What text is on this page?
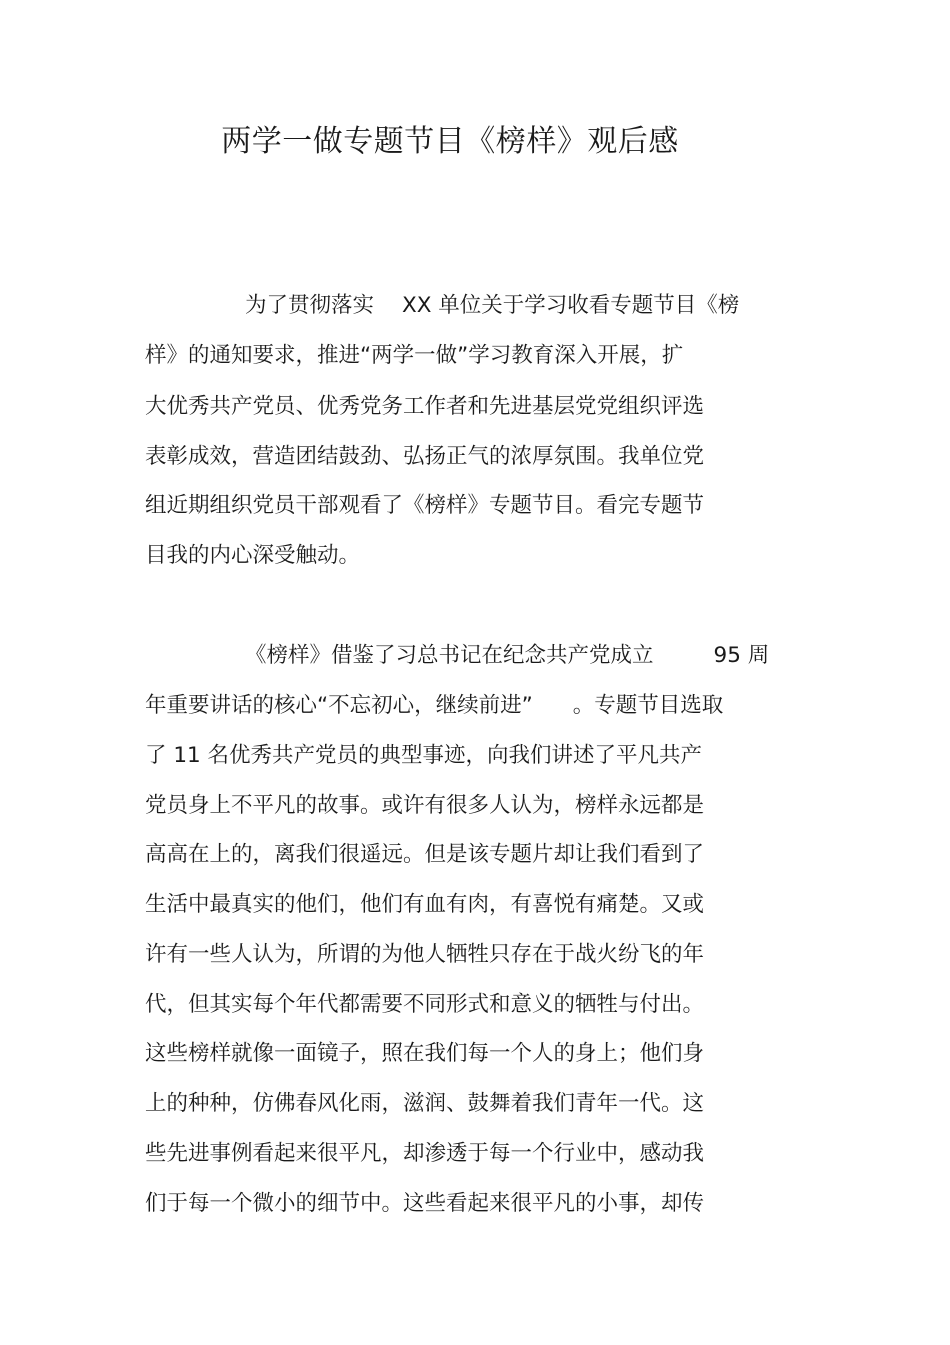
两学一做专题节目《榜样》观后感
为了贯彻落实 XX 单位关于学习收看专题节目《榜
样》的通知要求，推进“两学一做”学习教育深入开展，扩
大优秀共产党员、优秀党务工作者和先进基层党党组织评选
表彰成效，营造团结鼓劲、弘扬正气的浓厚氛围。我单位党
组近期组织党员干部观看了《榜样》专题节目。看完专题节
目我的内心深受触动。
《榜样》借鉴了习总书记在纪念共产党成立	95 周
年重要讲话的核心“不忘初心，继续前进” 。专题节目选取
了 11 名优秀共产党员的典型事迹，向我们讲述了平凡共产
党员身上不平凡的故事。或许有很多人认为，榜样永远都是
高高在上的，离我们很遥远。但是该专题片却让我们看到了
生活中最真实的他们，他们有血有肉，有喜悦有痛楚。又或
许有一些人认为，所谓的为他人牺牲只存在于战火纷飞的年
代，但其实每个年代都需要不同形式和意义的牺牲与付出。
这些榜样就像一面镜子，照在我们每一个人的身上；他们身
上的种种，仿佛春风化雨，滋润、鼓舞着我们青年一代。这
些先进事例看起来很平凡，却渗透于每一个行业中，感动我
们于每一个微小的细节中。这些看起来很平凡的小事，却传
